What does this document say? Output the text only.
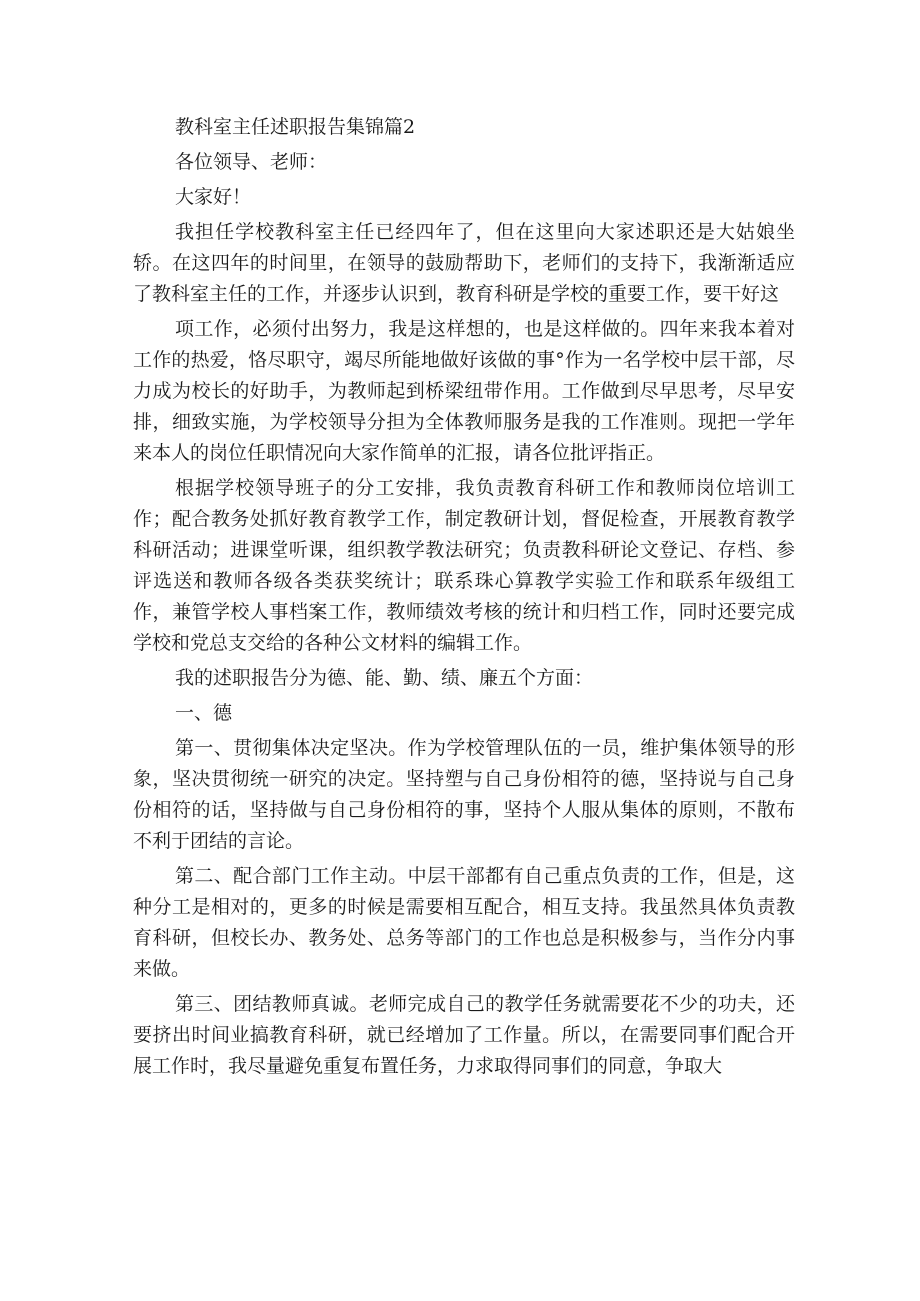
教科室主任述职报告集锦篇2

各位领导、老师：

大家好！

我担任学校教科室主任已经四年了，但在这里向大家述职还是大姑娘坐轿。在这四年的时间里，在领导的鼓励帮助下，老师们的支持下，我渐渐适应了教科室主任的工作，并逐步认识到，教育科研是学校的重要工作，要干好这

项工作，必须付出努力，我是这样想的，也是这样做的。四年来我本着对工作的热爱，恪尽职守，竭尽所能地做好该做的事°作为一名学校中层干部，尽力成为校长的好助手，为教师起到桥梁纽带作用。工作做到尽早思考，尽早安排，细致实施，为学校领导分担为全体教师服务是我的工作准则。现把一学年来本人的岗位任职情况向大家作简单的汇报，请各位批评指正。

根据学校领导班子的分工安排，我负责教育科研工作和教师岗位培训工作；配合教务处抓好教育教学工作，制定教研计划，督促检查，开展教育教学科研活动；进课堂听课，组织教学教法研究；负责教科研论文登记、存档、参评选送和教师各级各类获奖统计；联系珠心算教学实验工作和联系年级组工作，兼管学校人事档案工作，教师绩效考核的统计和归档工作，同时还要完成学校和党总支交给的各种公文材料的编辑工作。

我的述职报告分为德、能、勤、绩、廉五个方面：

一、德

第一、贯彻集体决定坚决。作为学校管理队伍的一员，维护集体领导的形象，坚决贯彻统一研究的决定。坚持塑与自己身份相符的德，坚持说与自己身份相符的话，坚持做与自己身份相符的事，坚持个人服从集体的原则，不散布不利于团结的言论。

第二、配合部门工作主动。中层干部都有自己重点负责的工作，但是，这种分工是相对的，更多的时候是需要相互配合，相互支持。我虽然具体负责教育科研，但校长办、教务处、总务等部门的工作也总是积极参与，当作分内事来做。

第三、团结教师真诚。老师完成自己的教学任务就需要花不少的功夫，还要挤出时间业搞教育科研，就已经增加了工作量。所以，在需要同事们配合开展工作时，我尽量避免重复布置任务，力求取得同事们的同意，争取大
